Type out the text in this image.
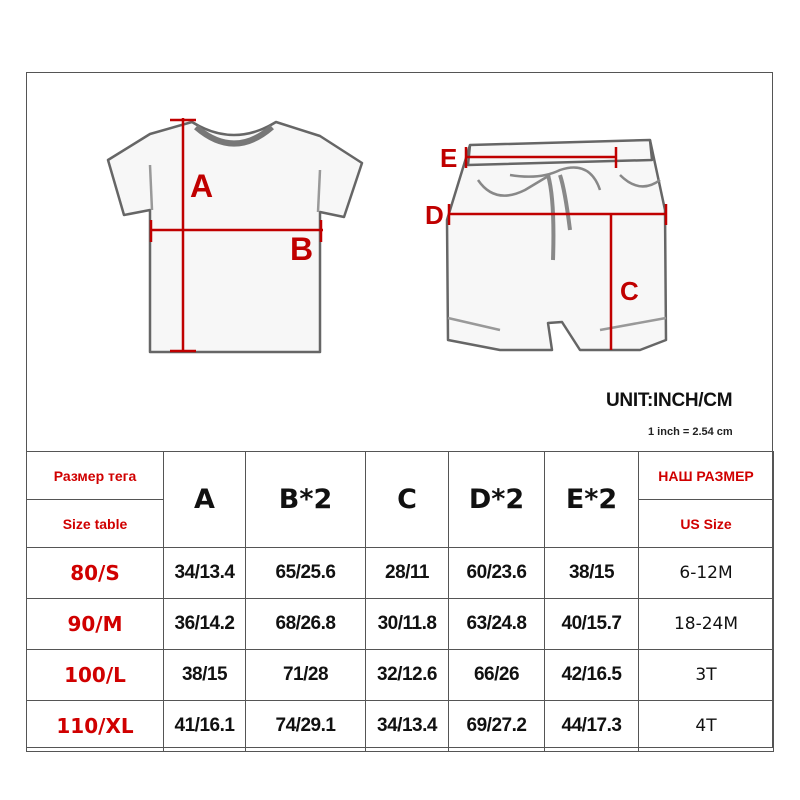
A
B
E
D
C
UNIT:INCH/CM
1 inch = 2.54 cm
Размер тега	A	B*2	C	D*2	E*2	НАШ РАЗМЕР
Size table						US Size
80/S	34/13.4	65/25.6	28/11	60/23.6	38/15	6-12M
90/M	36/14.2	68/26.8	30/11.8	63/24.8	40/15.7	18-24M
100/L	38/15	71/28	32/12.6	66/26	42/16.5	3T
110/XL	41/16.1	74/29.1	34/13.4	69/27.2	44/17.3	4T
